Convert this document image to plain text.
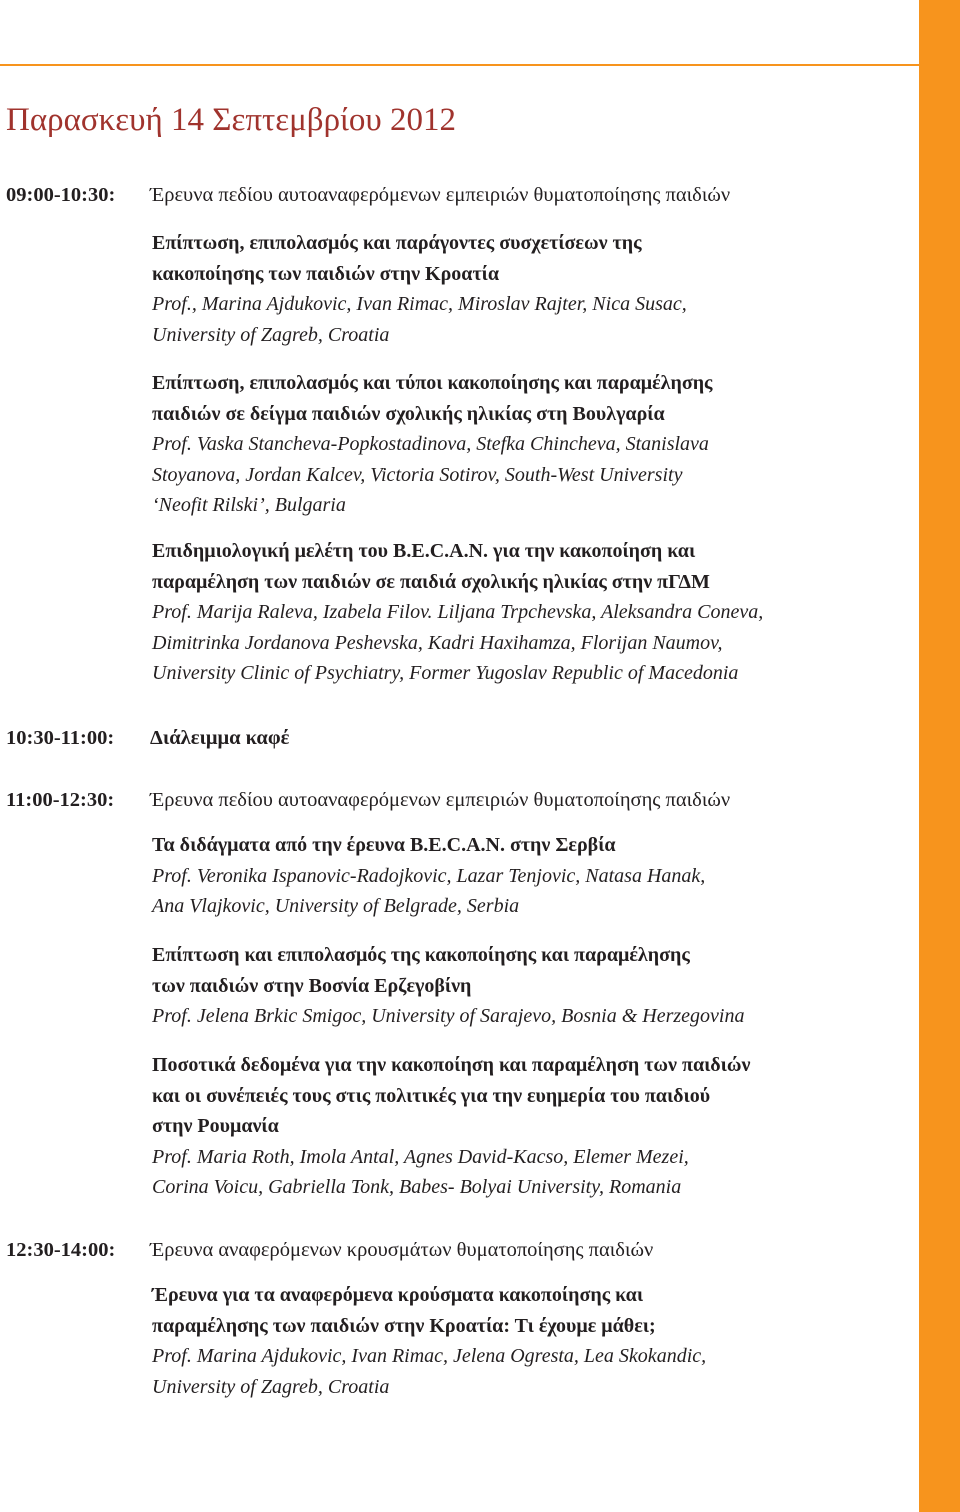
Παρασκευή 14 Σεπτεμβρίου 2012
09:00-10:30: Έρευνα πεδίου αυτοαναφερόμενων εμπειριών θυματοποίησης παιδιών
10:30-11:00: Διάλειμμα καφέ
11:00-12:30: Έρευνα πεδίου αυτοαναφερόμενων εμπειριών θυματοποίησης παιδιών
12:30-14:00: Έρευνα αναφερόμενων κρουσμάτων θυματοποίησης παιδιών
Επίπτωση, επιπολασμός και παράγοντες συσχετίσεων της
κακοποίησης των παιδιών στην Κροατία
Prof., Marina Ajdukovic, Ivan Rimac, Miroslav Rajter, Nica Susac,
University of Zagreb, Croatia
Επίπτωση, επιπολασμός και τύποι κακοποίησης και παραμέλησης
παιδιών σε δείγμα παιδιών σχολικής ηλικίας στη Βουλγαρία
Prof. Vaska Stancheva-Popkostadinova, Stefka Chincheva, Stanislava
Stoyanova, Jordan Kalcev, Victoria Sotirov, South-West University
‘Neofit Rilski’, Bulgaria
Επιδημιολογική μελέτη του B.E.C.A.N. για την κακοποίηση και
παραμέληση των παιδιών σε παιδιά σχολικής ηλικίας στην πΓΔΜ
Prof. Marija Raleva, Izabela Filov. Liljana Trpchevska, Aleksandra Coneva,
Dimitrinka Jordanova Peshevska, Kadri Haxihamza, Florijan Naumov,
University Clinic of Psychiatry, Former Yugoslav Republic of Macedonia
Τα διδάγματα από την έρευνα B.E.C.A.N. στην Σερβία
Prof. Veronika Ispanovic-Radojkovic, Lazar Tenjovic, Natasa Hanak,
Ana Vlajkovic, University of Belgrade, Serbia
Επίπτωση και επιπολασμός της κακοποίησης και παραμέλησης
των παιδιών στην Βοσνία Ερζεγοβίνη
Prof. Jelena Brkic Smigoc, University of Sarajevo, Bosnia & Herzegovina
Ποσοτικά δεδομένα για την κακοποίηση και παραμέληση των παιδιών
και οι συνέπειές τους στις πολιτικές για την ευημερία του παιδιού
στην Ρουμανία
Prof. Maria Roth, Imola Antal, Agnes David-Kacso, Elemer Mezei,
Corina Voicu, Gabriella Tonk, Babes- Bolyai University, Romania
Έρευνα για τα αναφερόμενα κρούσματα κακοποίησης και
παραμέλησης των παιδιών στην Κροατία: Τι έχουμε μάθει;
Prof. Marina Ajdukovic, Ivan Rimac, Jelena Ogresta, Lea Skokandic,
University of Zagreb, Croatia
